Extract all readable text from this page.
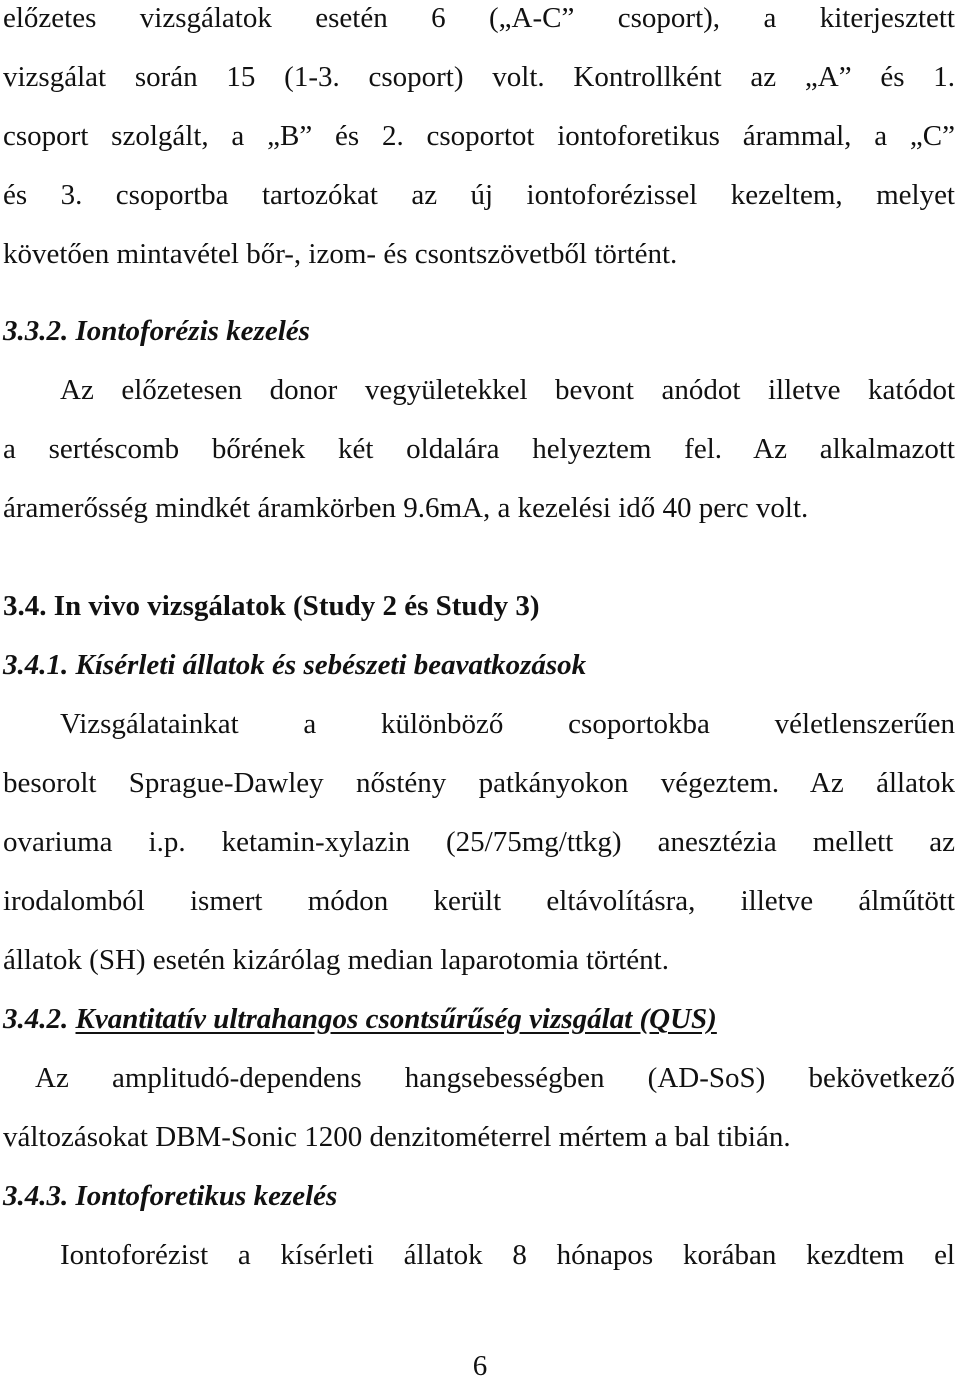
előzetes vizsgálatok esetén 6 („A-C” csoport), a kiterjesztett
vizsgálat során 15 (1-3. csoport) volt. Kontrollként az „A” és 1.
csoport szolgált, a „B” és 2. csoportot iontoforetikus árammal, a „C”
és 3. csoportba tartozókat az új iontoforézissel kezeltem, melyet
követően mintavétel bőr-, izom- és csontszövetből történt.
3.3.2. Iontoforézis kezelés
Az előzetesen donor vegyületekkel bevont anódot illetve katódot
a sertéscomb bőrének két oldalára helyeztem fel. Az alkalmazott
áramerősség mindkét áramkörben 9.6mA, a kezelési idő 40 perc volt.
3.4. In vivo vizsgálatok (Study 2 és Study 3)
3.4.1. Kísérleti állatok és sebészeti beavatkozások
Vizsgálatainkat a különböző csoportokba véletlenszerűen
besorolt Sprague-Dawley nőstény patkányokon végeztem. Az állatok
ovariuma i.p. ketamin-xylazin (25/75mg/ttkg) anesztézia mellett az
irodalomból ismert módon került eltávolításra, illetve álműtött
állatok (SH) esetén kizárólag median laparotomia történt.
3.4.2. Kvantitatív ultrahangos csontsűrűség vizsgálat (QUS)
Az amplitudó-dependens hangsebességben (AD-SoS) bekövetkező
változásokat DBM-Sonic 1200 denzitométerrel mértem a bal tibián.
3.4.3. Iontoforetikus kezelés
Iontoforézist a kísérleti állatok 8 hónapos korában kezdtem el
6
